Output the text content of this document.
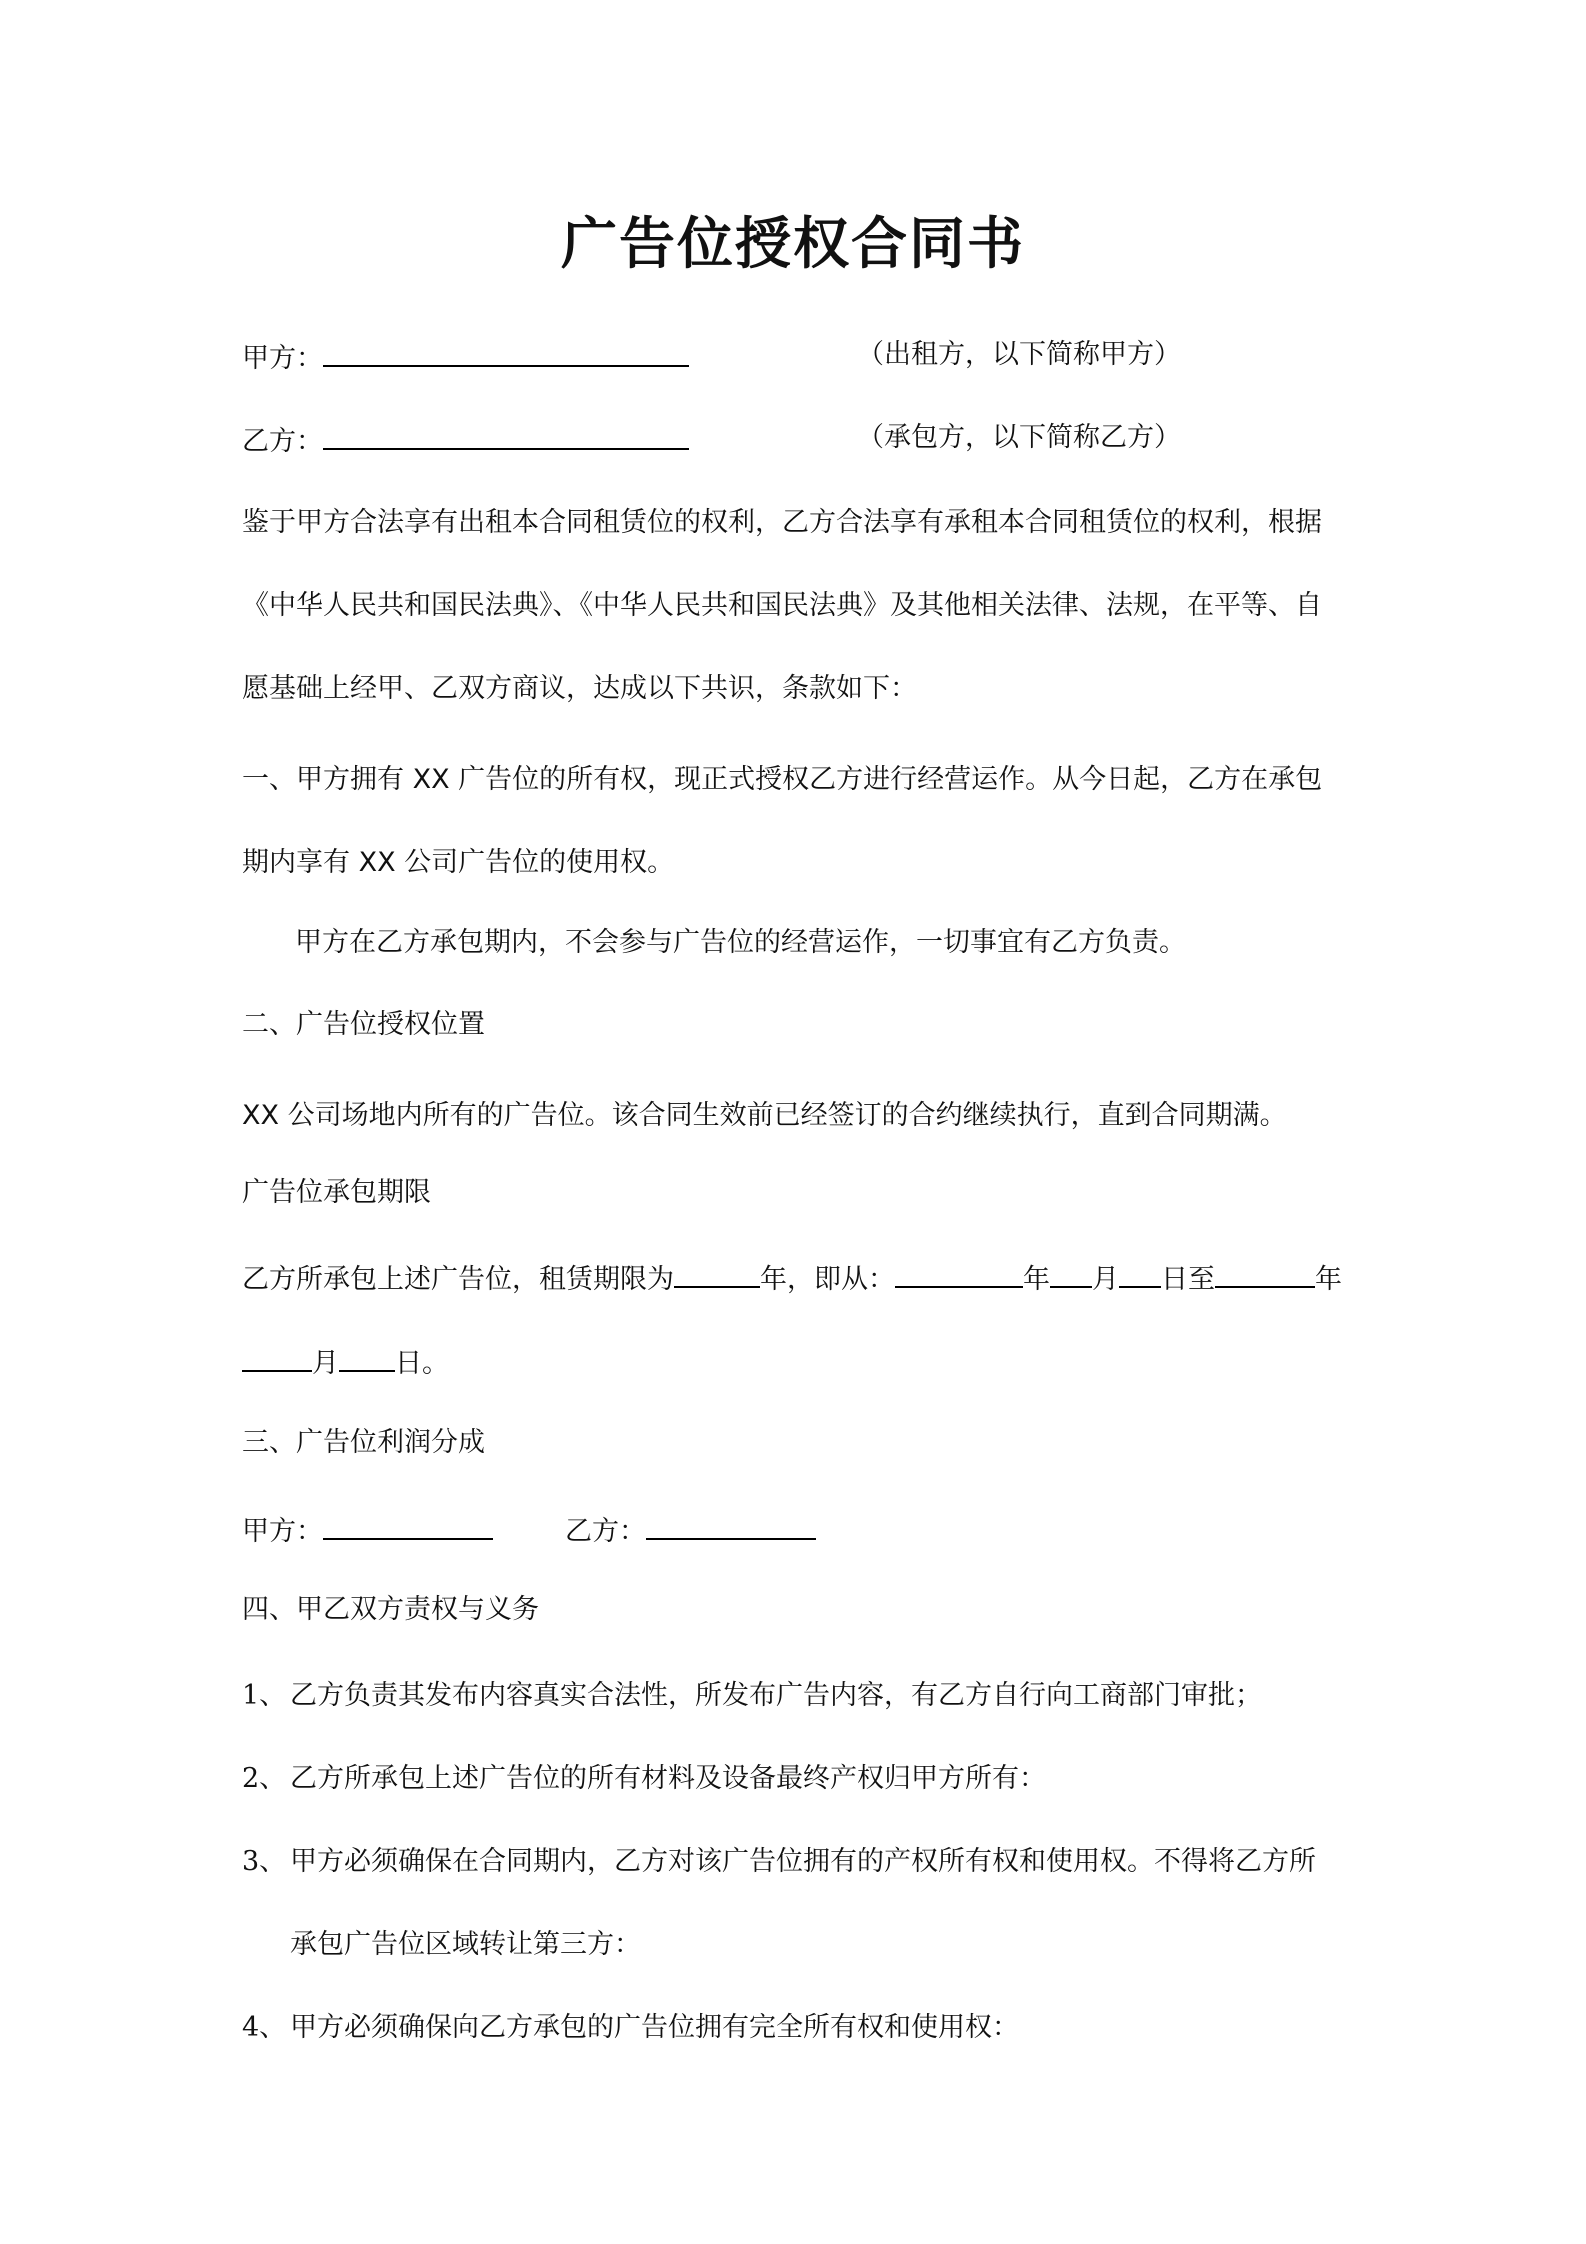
广告位授权合同书
甲方：	（出租方，以下简称甲方）
乙方：	（承包方，以下简称乙方）
鉴于甲方合法享有出租本合同租赁位的权利，乙方合法享有承租本合同租赁位的权利，根据
《中华人民共和国民法典》、《中华人民共和国民法典》及其他相关法律、法规，在平等、自
愿基础上经甲、乙双方商议，达成以下共识，条款如下：
一、甲方拥有 XX 广告位的所有权，现正式授权乙方进行经营运作。从今日起，乙方在承包
期内享有 XX 公司广告位的使用权。
甲方在乙方承包期内，不会参与广告位的经营运作，一切事宜有乙方负责。
二、广告位授权位置
XX 公司场地内所有的广告位。该合同生效前已经签订的合约继续执行，直到合同期满。
广告位承包期限
乙方所承包上述广告位，租赁期限为	年，即从：	年 月 日至	年
月 日。
三、广告位利润分成
甲方：	乙方：
四、甲乙双方责权与义务
1、 乙方负责其发布内容真实合法性，所发布广告内容，有乙方自行向工商部门审批；
2、 乙方所承包上述广告位的所有材料及设备最终产权归甲方所有：
3、 甲方必须确保在合同期内，乙方对该广告位拥有的产权所有权和使用权。不得将乙方所
承包广告位区域转让第三方：
4、 甲方必须确保向乙方承包的广告位拥有完全所有权和使用权：
